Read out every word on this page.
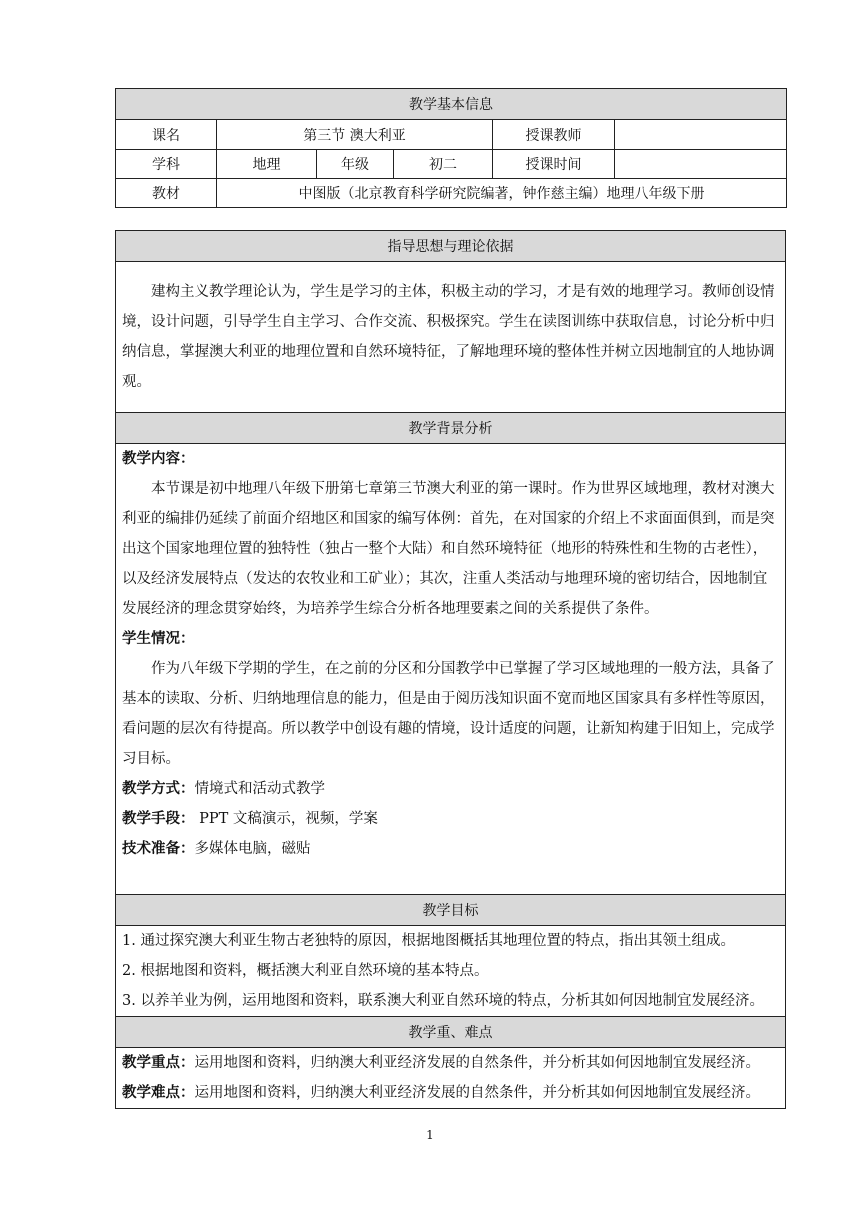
教学基本信息					
课名	第三节 澳大利亚			授课教师	
学科	地理	年级	初二	授课时间	
教材	中图版（北京教育科学研究院编著，钟作慈主编）地理八年级下册				
指导思想与理论依据
建构主义教学理论认为，学生是学习的主体，积极主动的学习，才是有效的地理学习。教师创设情境，设计问题，引导学生自主学习、合作交流、积极探究。学生在读图训练中获取信息，讨论分析中归纳信息，掌握澳大利亚的地理位置和自然环境特征，了解地理环境的整体性并树立因地制宜的人地协调观。
教学背景分析

教学内容：
本节课是初中地理八年级下册第七章第三节澳大利亚的第一课时。作为世界区域地理，教材对澳大利亚的编排仍延续了前面介绍地区和国家的编写体例：首先，在对国家的介绍上不求面面俱到，而是突出这个国家地理位置的独特性（独占一整个大陆）和自然环境特征（地形的特殊性和生物的古老性），以及经济发展特点（发达的农牧业和工矿业）；其次，注重人类活动与地理环境的密切结合，因地制宜发展经济的理念贯穿始终，为培养学生综合分析各地理要素之间的关系提供了条件。
学生情况：
作为八年级下学期的学生，在之前的分区和分国教学中已掌握了学习区域地理的一般方法，具备了基本的读取、分析、归纳地理信息的能力，但是由于阅历浅知识面不宽而地区国家具有多样性等原因，看问题的层次有待提高。所以教学中创设有趣的情境，设计适度的问题，让新知构建于旧知上，完成学习目标。
教学方式：情境式和活动式教学
教学手段： PPT 文稿演示，视频，学案
技术准备：多媒体电脑，磁贴
教学目标

1. 通过探究澳大利亚生物古老独特的原因，根据地图概括其地理位置的特点，指出其领土组成。
2. 根据地图和资料，概括澳大利亚自然环境的基本特点。
3. 以养羊业为例，运用地图和资料，联系澳大利亚自然环境的特点，分析其如何因地制宜发展经济。

教学重、难点

教学重点：运用地图和资料，归纳澳大利亚经济发展的自然条件，并分析其如何因地制宜发展经济。
教学难点：运用地图和资料，归纳澳大利亚经济发展的自然条件，并分析其如何因地制宜发展经济。
1
